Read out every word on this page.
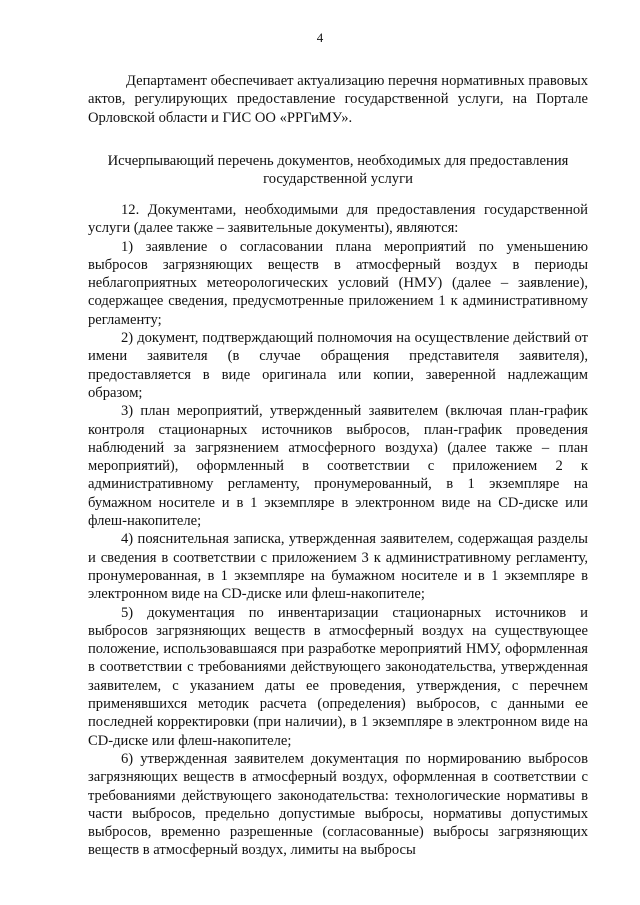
4

Департамент обеспечивает актуализацию перечня нормативных правовых актов, регулирующих предоставление государственной услуги, на Портале Орловской области и ГИС ОО «РРГиМУ».

Исчерпывающий перечень документов, необходимых для предоставления государственной услуги

12. Документами, необходимыми для предоставления государственной услуги (далее также – заявительные документы), являются:

1) заявление о согласовании плана мероприятий по уменьшению выбросов загрязняющих веществ в атмосферный воздух в периоды неблагоприятных метеорологических условий (НМУ) (далее – заявление), содержащее сведения, предусмотренные приложением 1 к административному регламенту;

2) документ, подтверждающий полномочия на осуществление действий от имени заявителя (в случае обращения представителя заявителя), предоставляется в виде оригинала или копии, заверенной надлежащим образом;

3) план мероприятий, утвержденный заявителем (включая план-график контроля стационарных источников выбросов, план-график проведения наблюдений за загрязнением атмосферного воздуха) (далее также – план мероприятий), оформленный в соответствии с приложением 2 к административному регламенту, пронумерованный, в 1 экземпляре на бумажном носителе и в 1 экземпляре в электронном виде на CD-диске или флеш-накопителе;

4) пояснительная записка, утвержденная заявителем, содержащая разделы и сведения в соответствии с приложением 3 к административному регламенту, пронумерованная, в 1 экземпляре на бумажном носителе и в 1 экземпляре в электронном виде на CD-диске или флеш-накопителе;

5) документация по инвентаризации стационарных источников и выбросов загрязняющих веществ в атмосферный воздух на существующее положение, использовавшаяся при разработке мероприятий НМУ, оформленная в соответствии с требованиями действующего законодательства, утвержденная заявителем, с указанием даты ее проведения, утверждения, с перечнем применявшихся методик расчета (определения) выбросов, с данными ее последней корректировки (при наличии), в 1 экземпляре в электронном виде на CD-диске или флеш-накопителе;

6) утвержденная заявителем документация по нормированию выбросов загрязняющих веществ в атмосферный воздух, оформленная в соответствии с требованиями действующего законодательства: технологические нормативы в части выбросов, предельно допустимые выбросы, нормативы допустимых выбросов, временно разрешенные (согласованные) выбросы загрязняющих веществ в атмосферный воздух, лимиты на выбросы
